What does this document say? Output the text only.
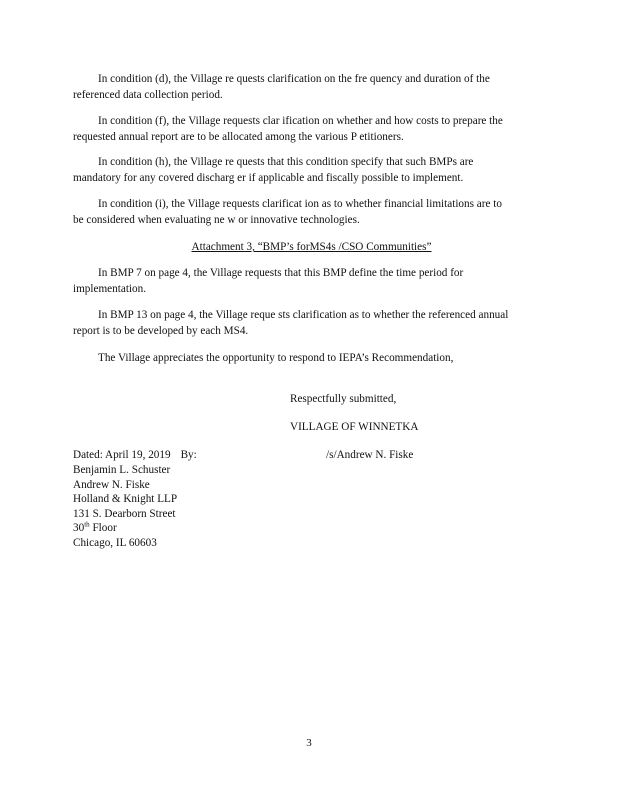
In condition (d), the Village re quests clarification on the fre quency and duration of the
referenced data collection period.

In condition (f), the Village requests clar ification on whether and how costs to prepare the
requested annual report are to be allocated among the various P etitioners.

In condition (h), the Village re quests that this condition specify that such BMPs are
mandatory for any covered discharg er if applicable and fiscally possible to implement.

In condition (i), the Village requests clarificat ion as to whether financial limitations are to
be considered when evaluating ne w or innovative technologies.

Attachment 3, “BMP’s forMS4s /CSO Communities”

In BMP 7 on page 4, the Village requests that this BMP define the time period for
implementation.

In BMP 13 on page 4, the Village reque sts clarification as to whether the referenced annual
report is to be developed by each MS4.

The Village appreciates the opportunity to respond to IEPA’s Recommendation,
Respectfully submitted,
VILLAGE OF WINNETKA
Dated: April 19, 2019 By:	/s/Andrew N. Fiske
Benjamin L. Schuster
Andrew N. Fiske
Holland & Knight LLP
131 S. Dearborn Street
30th Floor
Chicago, IL 60603
3
